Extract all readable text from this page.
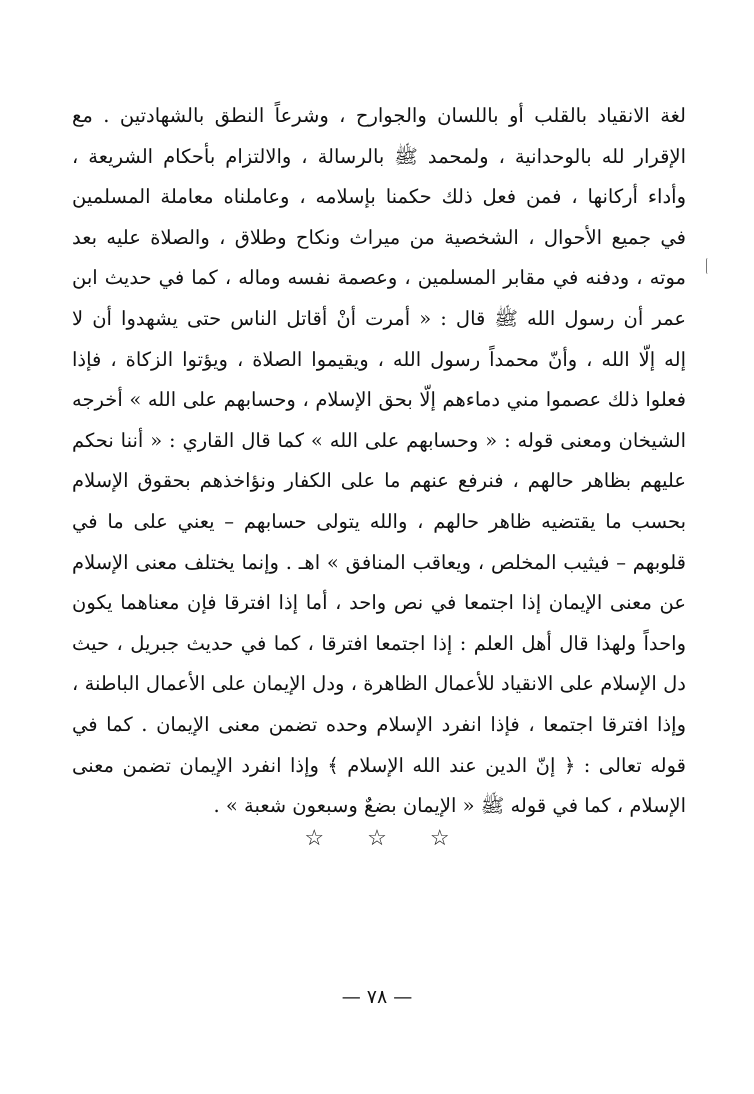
لغة الانقياد بالقلب أو باللسان والجوارح ، وشرعاً النطق بالشهادتين . مع
الإقرار لله بالوحدانية ، ولمحمد ﷺ بالرسالة ، والالتزام بأحكام الشريعة ،
وأداء أركانها ، فمن فعل ذلك حكمنا بإسلامه ، وعاملناه معاملة المسلمين
في جميع الأحوال ، الشخصية من ميراث ونكاح وطلاق ، والصلاة عليه بعد
موته ، ودفنه في مقابر المسلمين ، وعصمة نفسه وماله ، كما في حديث ابن
عمر أن رسول الله ﷺ قال : « أمرت أنْ أقاتل الناس حتى يشهدوا أن لا
إله إلّا الله ، وأنّ محمداً رسول الله ، ويقيموا الصلاة ، ويؤتوا الزكاة ، فإذا
فعلوا ذلك عصموا مني دماءهم إلّا بحق الإسلام ، وحسابهم على الله » أخرجه
الشيخان ومعنى قوله : « وحسابهم على الله » كما قال القاري : « أننا نحكم
عليهم بظاهر حالهم ، فنرفع عنهم ما على الكفار ونؤاخذهم بحقوق الإسلام
بحسب ما يقتضيه ظاهر حالهم ، والله يتولى حسابهم – يعني على ما في
قلوبهم – فيثيب المخلص ، ويعاقب المنافق » اهـ . وإنما يختلف معنى الإسلام
عن معنى الإيمان إذا اجتمعا في نص واحد ، أما إذا افترقا فإن معناهما يكون
واحداً ولهذا قال أهل العلم : إذا اجتمعا افترقا ، كما في حديث جبريل ، حيث
دل الإسلام على الانقياد للأعمال الظاهرة ، ودل الإيمان على الأعمال الباطنة ،
وإذا افترقا اجتمعا ، فإذا انفرد الإسلام وحده تضمن معنى الإيمان . كما في
قوله تعالى : ﴿ إنّ الدين عند الله الإسلام ﴾ وإذا انفرد الإيمان تضمن معنى
الإسلام ، كما في قوله ﷺ « الإيمان بضعٌ وسبعون شعبة » .
☆ ☆ ☆
— ٧٨ —
